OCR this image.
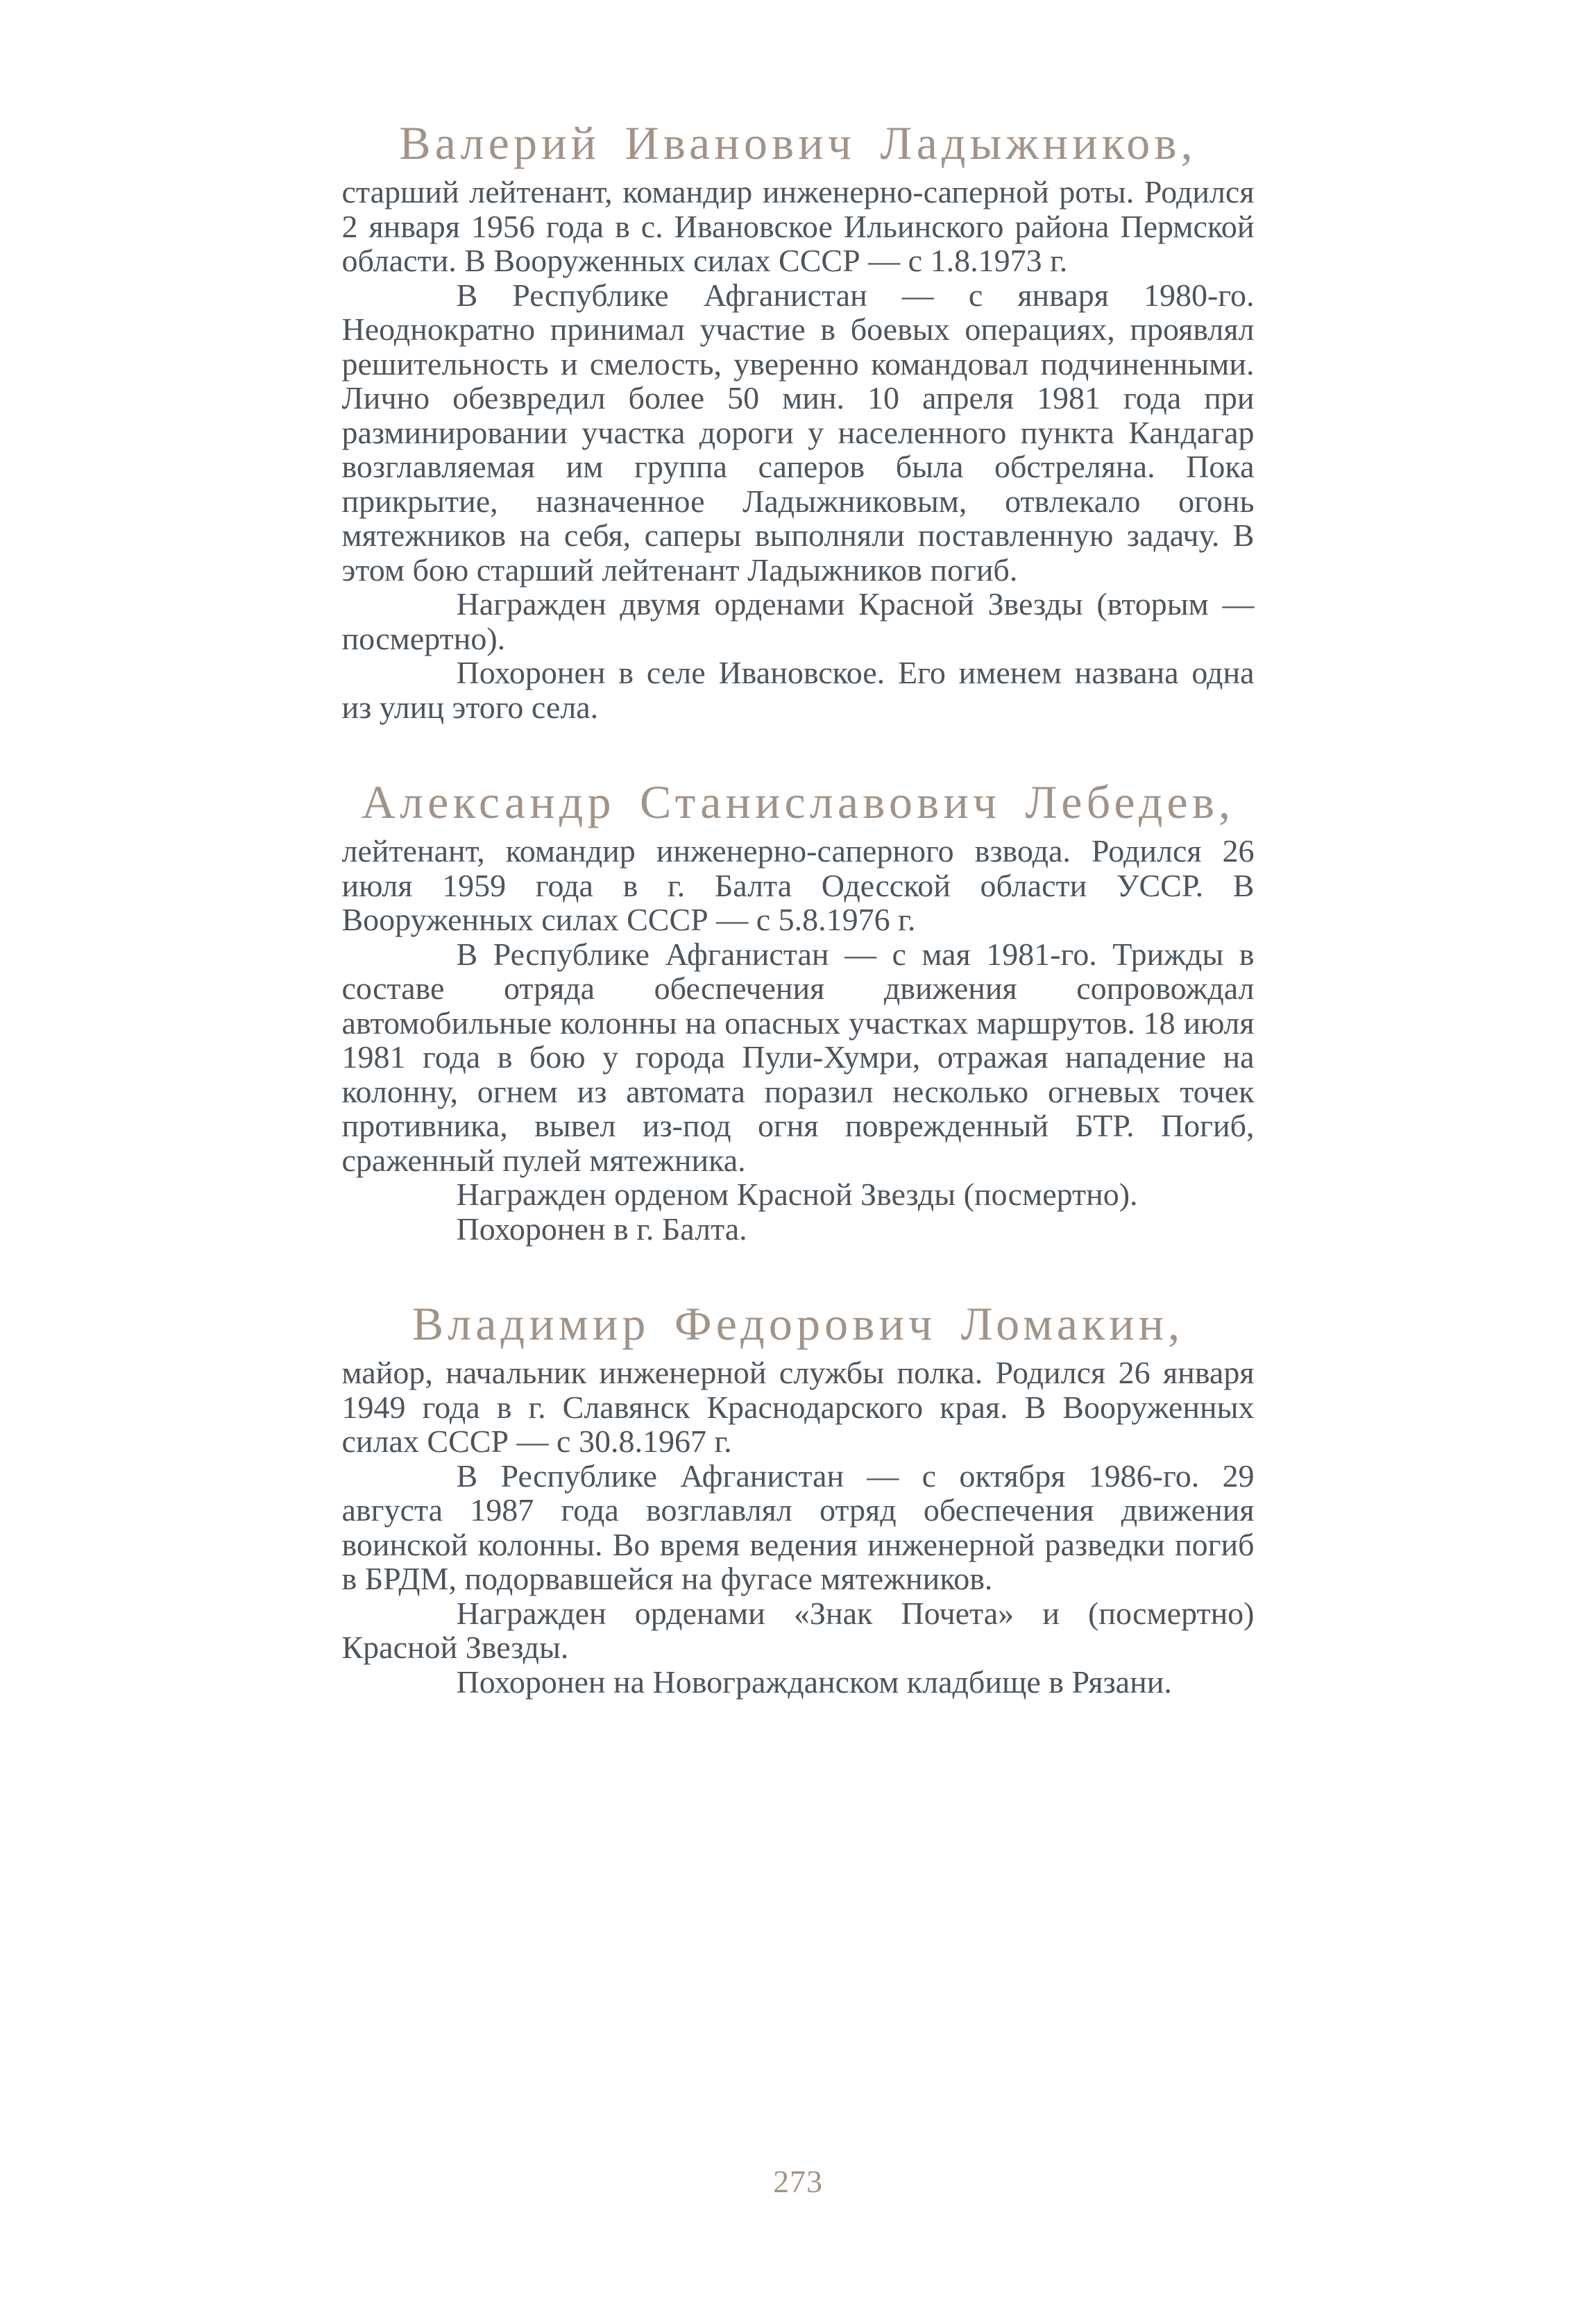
Валерий Иванович Ладыжников,

старший лейтенант, командир инженерно-саперной роты. Родился 2 января 1956 года в с. Ивановское Ильинского района Пермской области. В Вооруженных силах СССР — с 1.8.1973 г.

В Республике Афганистан — с января 1980-го. Неоднократно принимал участие в боевых операциях, проявлял решительность и смелость, уверенно командовал подчиненными. Лично обезвредил более 50 мин. 10 апреля 1981 года при разминировании участка дороги у населенного пункта Кандагар возглавляемая им группа саперов была обстреляна. Пока прикрытие, назначенное Ладыжниковым, отвлекало огонь мятежников на себя, саперы выполняли поставленную задачу. В этом бою старший лейтенант Ладыжников погиб.

Награжден двумя орденами Красной Звезды (вторым — посмертно).

Похоронен в селе Ивановское. Его именем названа одна из улиц этого села.

Александр Станиславович Лебедев,

лейтенант, командир инженерно-саперного взвода. Родился 26 июля 1959 года в г. Балта Одесской области УССР. В Вооруженных силах СССР — с 5.8.1976 г.

В Республике Афганистан — с мая 1981-го. Трижды в составе отряда обеспечения движения сопровождал автомобильные колонны на опасных участках маршрутов. 18 июля 1981 года в бою у города Пули-Хумри, отражая нападение на колонну, огнем из автомата поразил несколько огневых точек противника, вывел из-под огня поврежденный БТР. Погиб, сраженный пулей мятежника.

Награжден орденом Красной Звезды (посмертно).

Похоронен в г. Балта.

Владимир Федорович Ломакин,

майор, начальник инженерной службы полка. Родился 26 января 1949 года в г. Славянск Краснодарского края. В Вооруженных силах СССР — с 30.8.1967 г.

В Республике Афганистан — с октября 1986-го. 29 августа 1987 года возглавлял отряд обеспечения движения воинской колонны. Во время ведения инженерной разведки погиб в БРДМ, подорвавшейся на фугасе мятежников.

Награжден орденами «Знак Почета» и (посмертно) Красной Звезды.

Похоронен на Новогражданском кладбище в Рязани.

273
